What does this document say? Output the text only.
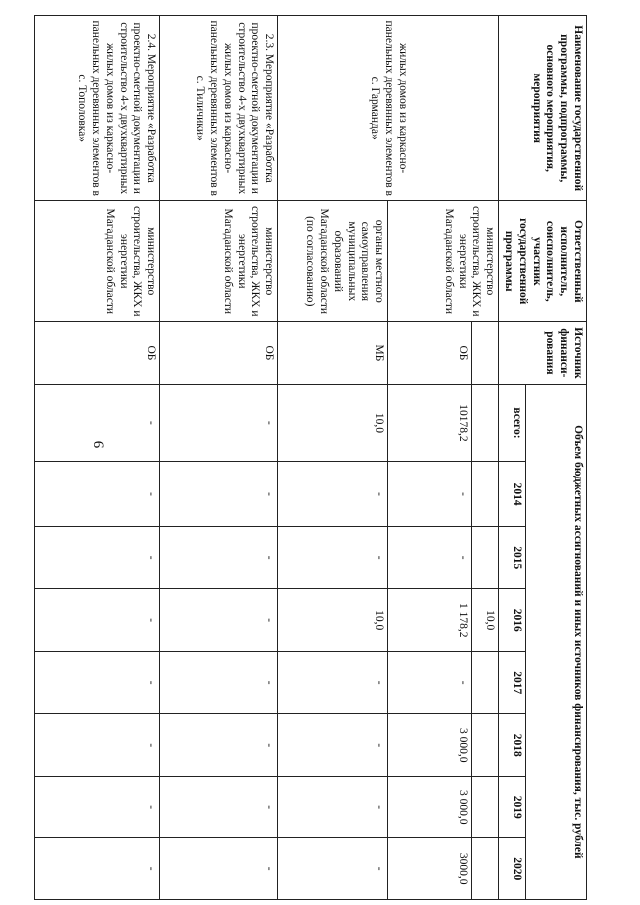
9
Наименование государственной программы, подпрограммы, основного мероприятия, мероприятия	Ответственный исполнитель, соисполнитель, участник государственной программы	Источник финанси-рования	Объем бюджетных ассигнований и иных источников финансирования, тыс. рублей							
			всего:	2014	2015	2016	2017	2018	2019	2020
жилых домов из каркасно-панельных деревянных элементов в с. Гарманда»	министерство строительства, ЖКХ и энергетики Магаданской области					10,0				
		ОБ	10178,2	-	-	1 178,2	-	3 000,0	3 000,0	3000,0
	органы местного самоуправления муниципальных образований Магаданской области (по согласованию)	МБ	10,0	-	-	10,0	-	-	-	-
2.3. Мероприятие «Разработка проектно-сметной документации и строительство 4-х двухквартирных жилых домов из каркасно-панельных деревянных элементов в с. Тиличики»	министерство строительства, ЖКХ и энергетики Магаданской области	ОБ	-	-	-	-	-	-	-	-
2.4. Мероприятие «Разработка проектно-сметной документации и строительство 4-х двухквартирных жилых домов из каркасно-панельных деревянных элементов в с. Тополовка»	министерство строительства, ЖКХ и энергетики Магаданской области	ОБ	-	-	-	-	-	-	-	-
